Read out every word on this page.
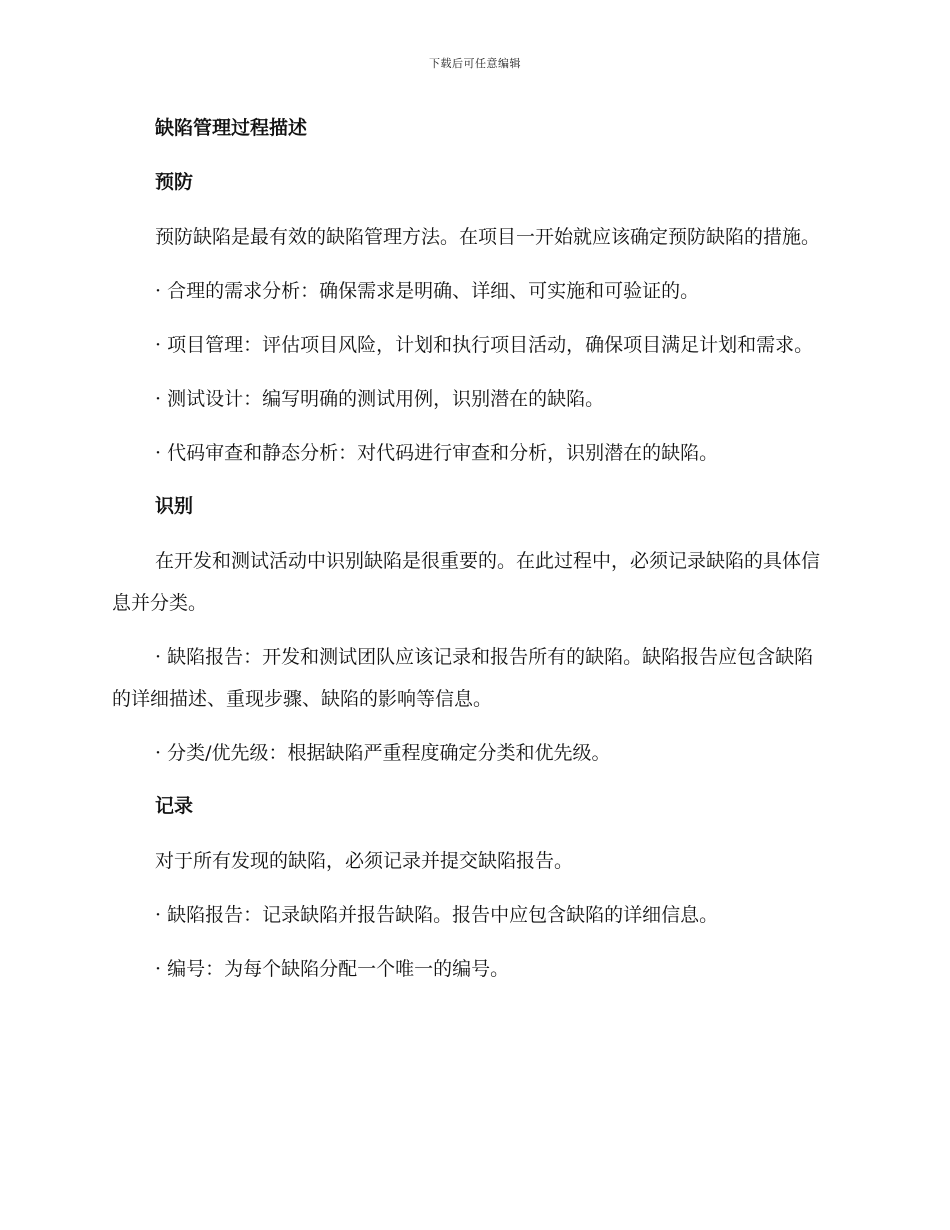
下载后可任意编辑
缺陷管理过程描述
预防

预防缺陷是最有效的缺陷管理方法。在项目一开始就应该确定预防缺陷的措施。

· 合理的需求分析：确保需求是明确、详细、可实施和可验证的。

· 项目管理：评估项目风险，计划和执行项目活动，确保项目满足计划和需求。

· 测试设计：编写明确的测试用例，识别潜在的缺陷。

· 代码审查和静态分析：对代码进行审查和分析，识别潜在的缺陷。

识别

在开发和测试活动中识别缺陷是很重要的。在此过程中，必须记录缺陷的具体信息并分类。

· 缺陷报告：开发和测试团队应该记录和报告所有的缺陷。缺陷报告应包含缺陷的详细描述、重现步骤、缺陷的影响等信息。

· 分类/优先级：根据缺陷严重程度确定分类和优先级。

记录

对于所有发现的缺陷，必须记录并提交缺陷报告。

· 缺陷报告：记录缺陷并报告缺陷。报告中应包含缺陷的详细信息。

· 编号：为每个缺陷分配一个唯一的编号。
